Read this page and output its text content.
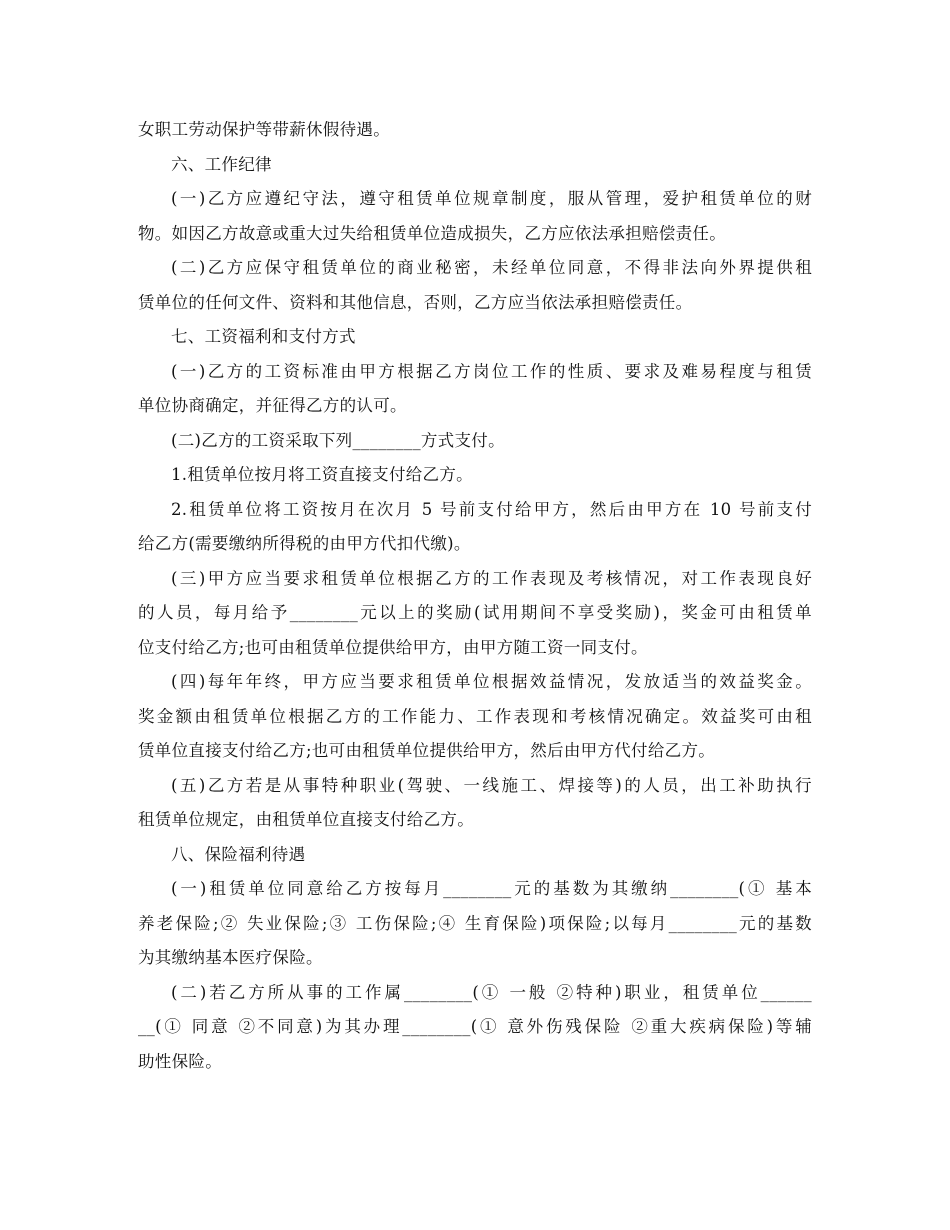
女职工劳动保护等带薪休假待遇。
六、工作纪律
(一)乙方应遵纪守法，遵守租赁单位规章制度，服从管理，爱护租赁单位的财
物。如因乙方故意或重大过失给租赁单位造成损失，乙方应依法承担赔偿责任。
(二)乙方应保守租赁单位的商业秘密，未经单位同意，不得非法向外界提供租
赁单位的任何文件、资料和其他信息，否则，乙方应当依法承担赔偿责任。
七、工资福利和支付方式
(一)乙方的工资标准由甲方根据乙方岗位工作的性质、要求及难易程度与租赁
单位协商确定，并征得乙方的认可。
(二)乙方的工资采取下列________方式支付。
1.租赁单位按月将工资直接支付给乙方。
2.租赁单位将工资按月在次月 5 号前支付给甲方，然后由甲方在 10 号前支付
给乙方(需要缴纳所得税的由甲方代扣代缴)。
(三)甲方应当要求租赁单位根据乙方的工作表现及考核情况，对工作表现良好
的人员，每月给予________元以上的奖励(试用期间不享受奖励)，奖金可由租赁单
位支付给乙方;也可由租赁单位提供给甲方，由甲方随工资一同支付。
(四)每年年终，甲方应当要求租赁单位根据效益情况，发放适当的效益奖金。
奖金额由租赁单位根据乙方的工作能力、工作表现和考核情况确定。效益奖可由租
赁单位直接支付给乙方;也可由租赁单位提供给甲方，然后由甲方代付给乙方。
(五)乙方若是从事特种职业(驾驶、一线施工、焊接等)的人员，出工补助执行
租赁单位规定，由租赁单位直接支付给乙方。
八、保险福利待遇
(一)租赁单位同意给乙方按每月________元的基数为其缴纳________(① 基本
养老保险;② 失业保险;③ 工伤保险;④ 生育保险)项保险;以每月________元的基数
为其缴纳基本医疗保险。
(二)若乙方所从事的工作属________(① 一般 ②特种)职业，租赁单位______
__(① 同意 ②不同意)为其办理________(① 意外伤残保险 ②重大疾病保险)等辅
助性保险。
